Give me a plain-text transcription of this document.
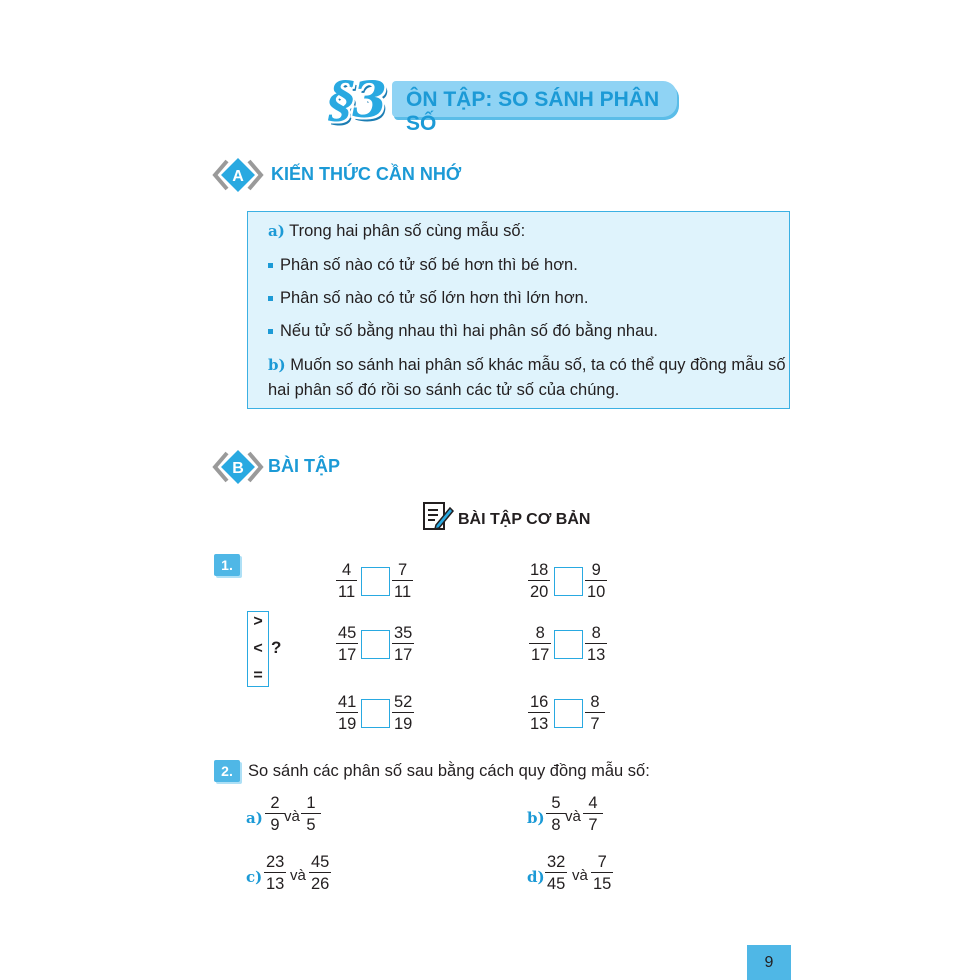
ÔN TẬP: SO SÁNH PHÂN SỐ
§3
A KIẾN THỨC CẦN NHỚ
a) Trong hai phân số cùng mẫu số:
Phân số nào có tử số bé hơn thì bé hơn.
Phân số nào có tử số lớn hơn thì lớn hơn.
Nếu tử số bằng nhau thì hai phân số đó bằng nhau.
b) Muốn so sánh hai phân số khác mẫu số, ta có thể quy đồng mẫu số
hai phân số đó rồi so sánh các tử số của chúng.
B BÀI TẬP
BÀI TẬP CƠ BẢN
1.
>
<
=
?
4
11
7
11
18
20
9
10
45
17
35
17
8
17
8
13
41
19
52
19
16
13
8
7
2. So sánh các phân số sau bằng cách quy đồng mẫu số:
a)
2
9 và
1
5	b)
5
8 và
4
7
c)
23
13 và
45
26	d)
32
45 và
7
15
9
